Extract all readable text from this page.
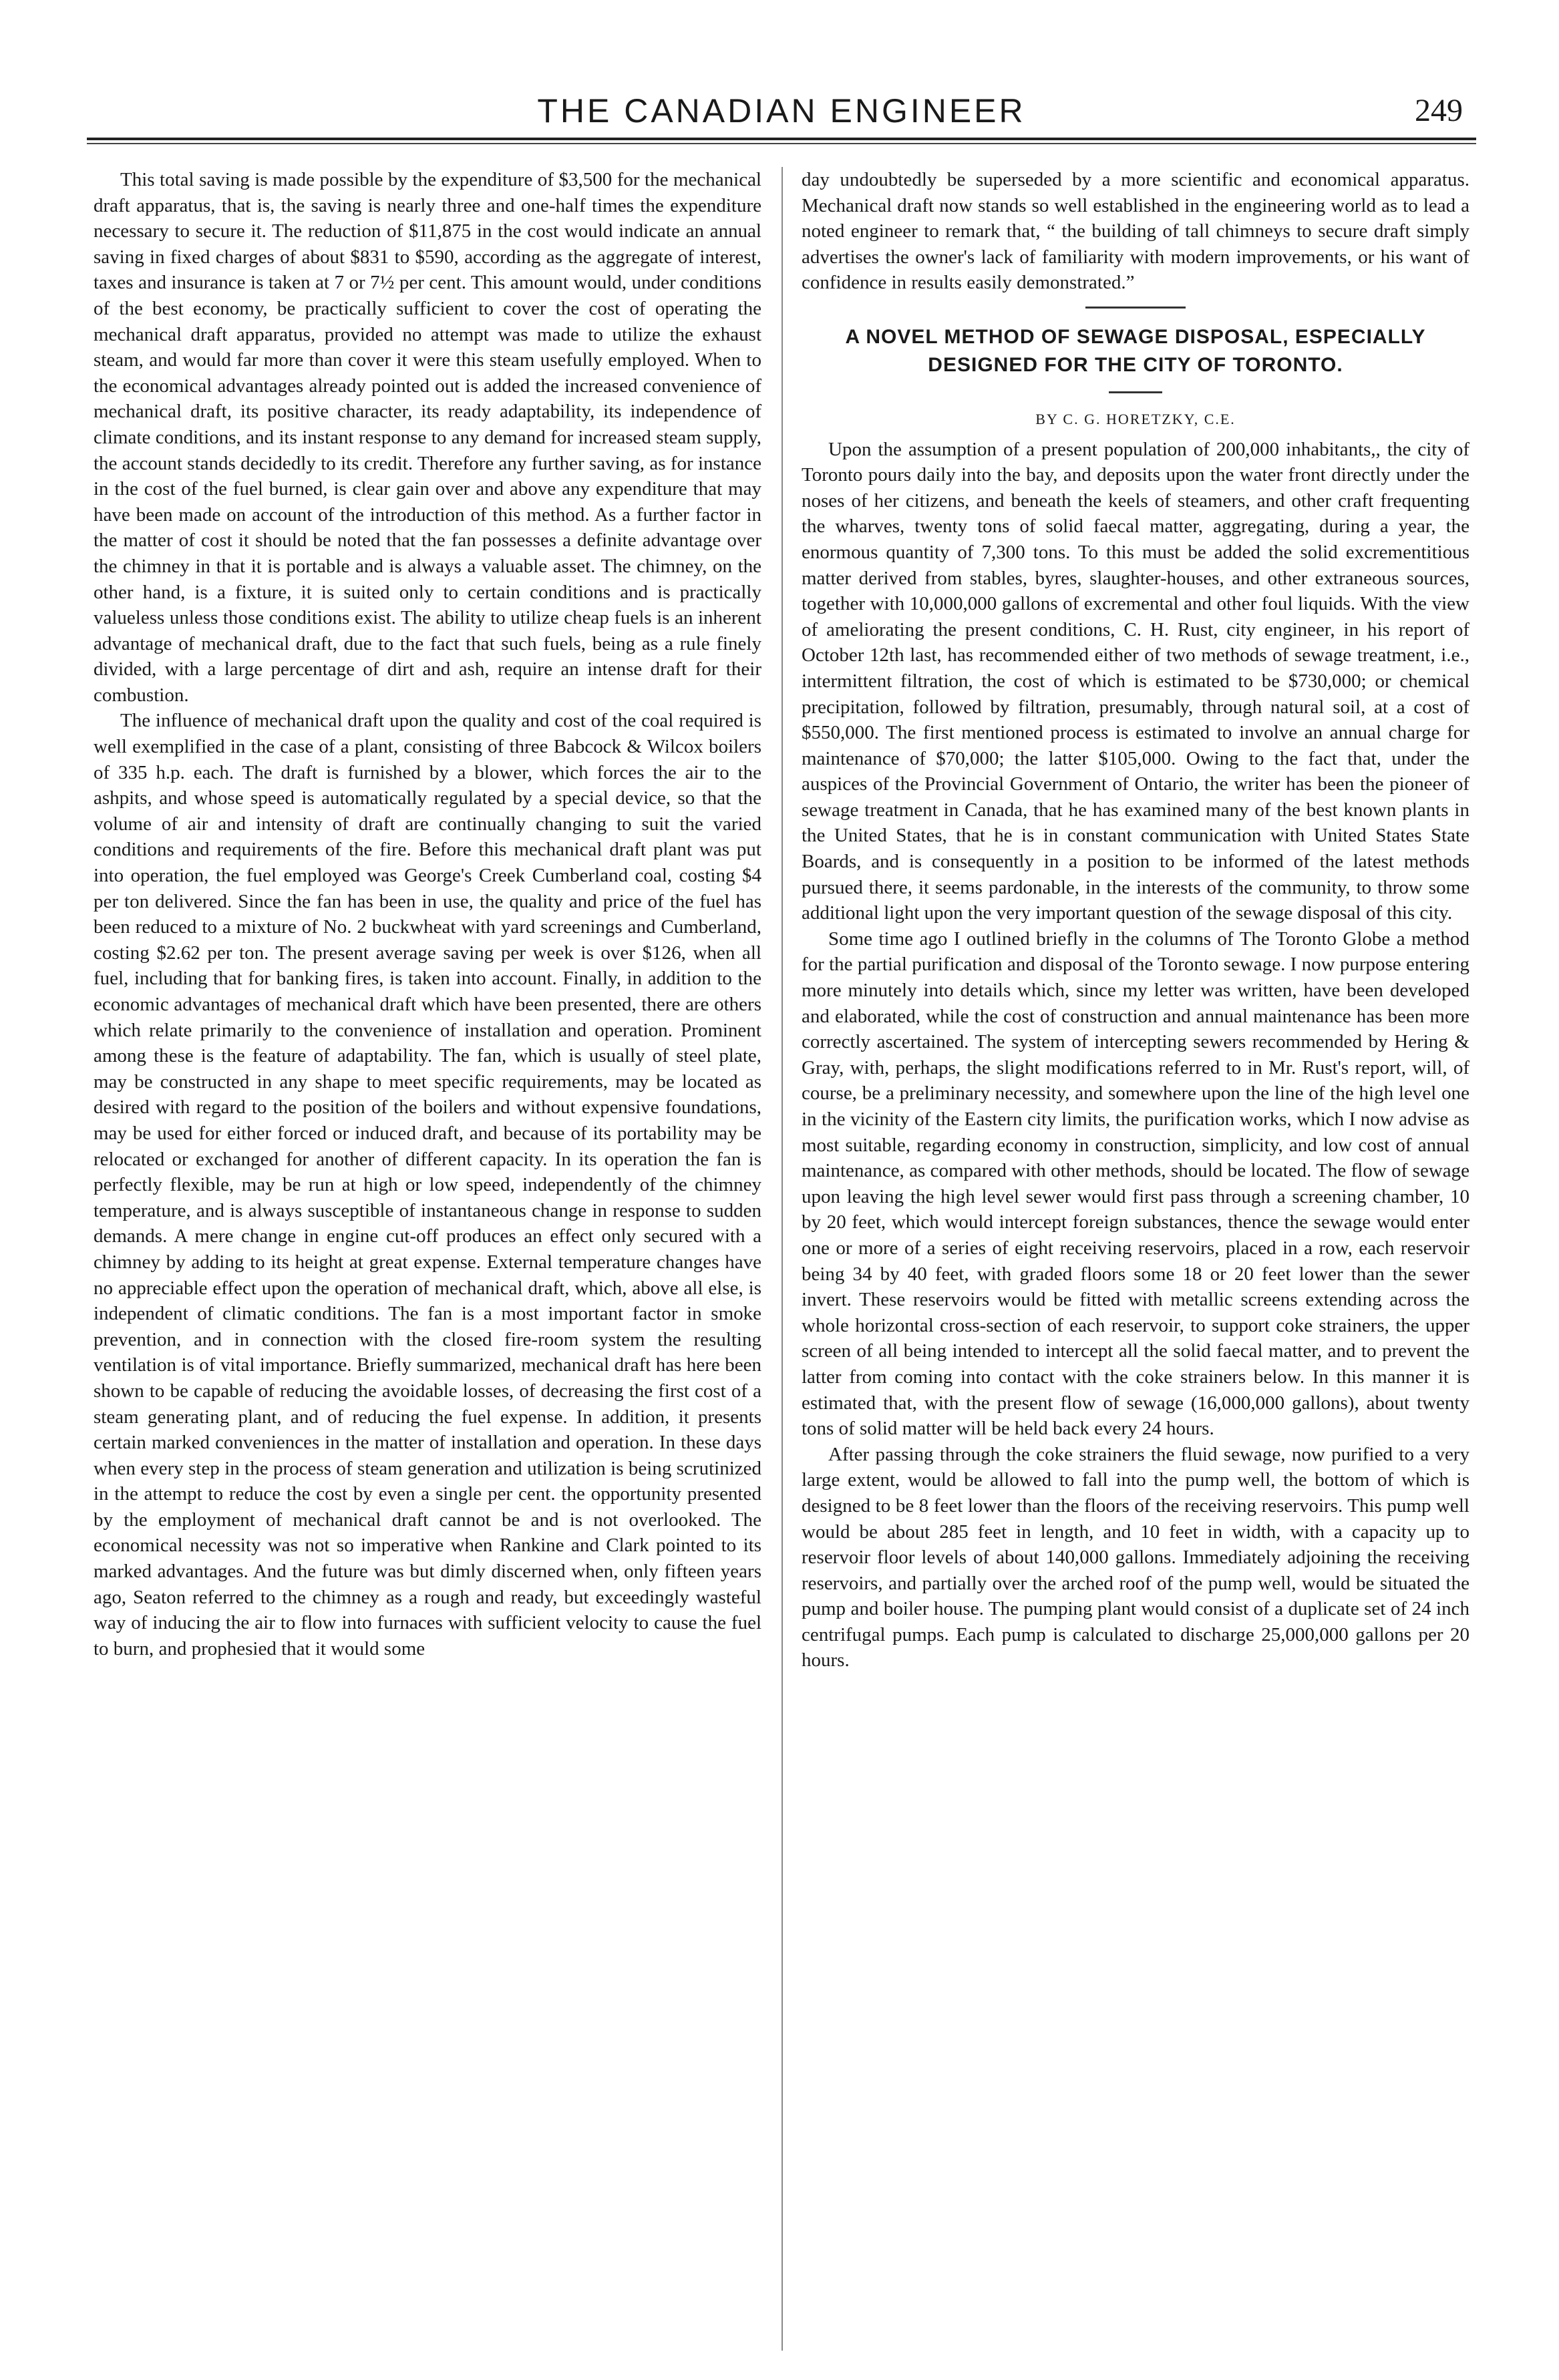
THE CANADIAN ENGINEER	249

This total saving is made possible by the expenditure of $3,500 for the mechanical draft apparatus, that is, the saving is nearly three and one-half times the expenditure necessary to secure it. The reduction of $11,875 in the cost would indicate an annual saving in fixed charges of about $831 to $590, according as the aggregate of interest, taxes and insurance is taken at 7 or 7½ per cent. This amount would, under conditions of the best economy, be practically sufficient to cover the cost of operating the mechanical draft apparatus, provided no attempt was made to utilize the exhaust steam, and would far more than cover it were this steam usefully employed. When to the economical advantages already pointed out is added the increased convenience of mechanical draft, its positive character, its ready adaptability, its independence of climate conditions, and its instant response to any demand for increased steam supply, the account stands decidedly to its credit. Therefore any further saving, as for instance in the cost of the fuel burned, is clear gain over and above any expenditure that may have been made on account of the introduction of this method. As a further factor in the matter of cost it should be noted that the fan possesses a definite advantage over the chimney in that it is portable and is always a valuable asset. The chimney, on the other hand, is a fixture, it is suited only to certain conditions and is practically valueless unless those conditions exist. The ability to utilize cheap fuels is an inherent advantage of mechanical draft, due to the fact that such fuels, being as a rule finely divided, with a large percentage of dirt and ash, require an intense draft for their combustion.

The influence of mechanical draft upon the quality and cost of the coal required is well exemplified in the case of a plant, consisting of three Babcock & Wilcox boilers of 335 h.p. each. The draft is furnished by a blower, which forces the air to the ashpits, and whose speed is automatically regulated by a special device, so that the volume of air and intensity of draft are continually changing to suit the varied conditions and requirements of the fire. Before this mechanical draft plant was put into operation, the fuel employed was George's Creek Cumberland coal, costing $4 per ton delivered. Since the fan has been in use, the quality and price of the fuel has been reduced to a mixture of No. 2 buckwheat with yard screenings and Cumberland, costing $2.62 per ton. The present average saving per week is over $126, when all fuel, including that for banking fires, is taken into account. Finally, in addition to the economic advantages of mechanical draft which have been presented, there are others which relate primarily to the convenience of installation and operation. Prominent among these is the feature of adaptability. The fan, which is usually of steel plate, may be constructed in any shape to meet specific requirements, may be located as desired with regard to the position of the boilers and without expensive foundations, may be used for either forced or induced draft, and because of its portability may be relocated or exchanged for another of different capacity. In its operation the fan is perfectly flexible, may be run at high or low speed, independently of the chimney temperature, and is always susceptible of instantaneous change in response to sudden demands. A mere change in engine cut-off produces an effect only secured with a chimney by adding to its height at great expense. External temperature changes have no appreciable effect upon the operation of mechanical draft, which, above all else, is independent of climatic conditions. The fan is a most important factor in smoke prevention, and in connection with the closed fire-room system the resulting ventilation is of vital importance. Briefly summarized, mechanical draft has here been shown to be capable of reducing the avoidable losses, of decreasing the first cost of a steam generating plant, and of reducing the fuel expense. In addition, it presents certain marked conveniences in the matter of installation and operation. In these days when every step in the process of steam generation and utilization is being scrutinized in the attempt to reduce the cost by even a single per cent. the opportunity presented by the employment of mechanical draft cannot be and is not overlooked. The economical necessity was not so imperative when Rankine and Clark pointed to its marked advantages. And the future was but dimly discerned when, only fifteen years ago, Seaton referred to the chimney as a rough and ready, but exceedingly wasteful way of inducing the air to flow into furnaces with sufficient velocity to cause the fuel to burn, and prophesied that it would some

day undoubtedly be superseded by a more scientific and economical apparatus. Mechanical draft now stands so well established in the engineering world as to lead a noted engineer to remark that, “ the building of tall chimneys to secure draft simply advertises the owner's lack of familiarity with modern improvements, or his want of confidence in results easily demonstrated.”

A NOVEL METHOD OF SEWAGE DISPOSAL, ESPECIALLY DESIGNED FOR THE CITY OF TORONTO.
BY C. G. HORETZKY, C.E.

Upon the assumption of a present population of 200,000 inhabitants,, the city of Toronto pours daily into the bay, and deposits upon the water front directly under the noses of her citizens, and beneath the keels of steamers, and other craft frequenting the wharves, twenty tons of solid faecal matter, aggregating, during a year, the enormous quantity of 7,300 tons. To this must be added the solid excrementitious matter derived from stables, byres, slaughter-houses, and other extraneous sources, together with 10,000,000 gallons of excremental and other foul liquids. With the view of ameliorating the present conditions, C. H. Rust, city engineer, in his report of October 12th last, has recommended either of two methods of sewage treatment, i.e., intermittent filtration, the cost of which is estimated to be $730,000; or chemical precipitation, followed by filtration, presumably, through natural soil, at a cost of $550,000. The first mentioned process is estimated to involve an annual charge for maintenance of $70,000; the latter $105,000. Owing to the fact that, under the auspices of the Provincial Government of Ontario, the writer has been the pioneer of sewage treatment in Canada, that he has examined many of the best known plants in the United States, that he is in constant communication with United States State Boards, and is consequently in a position to be informed of the latest methods pursued there, it seems pardonable, in the interests of the community, to throw some additional light upon the very important question of the sewage disposal of this city.

Some time ago I outlined briefly in the columns of The Toronto Globe a method for the partial purification and disposal of the Toronto sewage. I now purpose entering more minutely into details which, since my letter was written, have been developed and elaborated, while the cost of construction and annual maintenance has been more correctly ascertained. The system of intercepting sewers recommended by Hering & Gray, with, perhaps, the slight modifications referred to in Mr. Rust's report, will, of course, be a preliminary necessity, and somewhere upon the line of the high level one in the vicinity of the Eastern city limits, the purification works, which I now advise as most suitable, regarding economy in construction, simplicity, and low cost of annual maintenance, as compared with other methods, should be located. The flow of sewage upon leaving the high level sewer would first pass through a screening chamber, 10 by 20 feet, which would intercept foreign substances, thence the sewage would enter one or more of a series of eight receiving reservoirs, placed in a row, each reservoir being 34 by 40 feet, with graded floors some 18 or 20 feet lower than the sewer invert. These reservoirs would be fitted with metallic screens extending across the whole horizontal cross-section of each reservoir, to support coke strainers, the upper screen of all being intended to intercept all the solid faecal matter, and to prevent the latter from coming into contact with the coke strainers below. In this manner it is estimated that, with the present flow of sewage (16,000,000 gallons), about twenty tons of solid matter will be held back every 24 hours.

After passing through the coke strainers the fluid sewage, now purified to a very large extent, would be allowed to fall into the pump well, the bottom of which is designed to be 8 feet lower than the floors of the receiving reservoirs. This pump well would be about 285 feet in length, and 10 feet in width, with a capacity up to reservoir floor levels of about 140,000 gallons. Immediately adjoining the receiving reservoirs, and partially over the arched roof of the pump well, would be situated the pump and boiler house. The pumping plant would consist of a duplicate set of 24 inch centrifugal pumps. Each pump is calculated to discharge 25,000,000 gallons per 20 hours.
